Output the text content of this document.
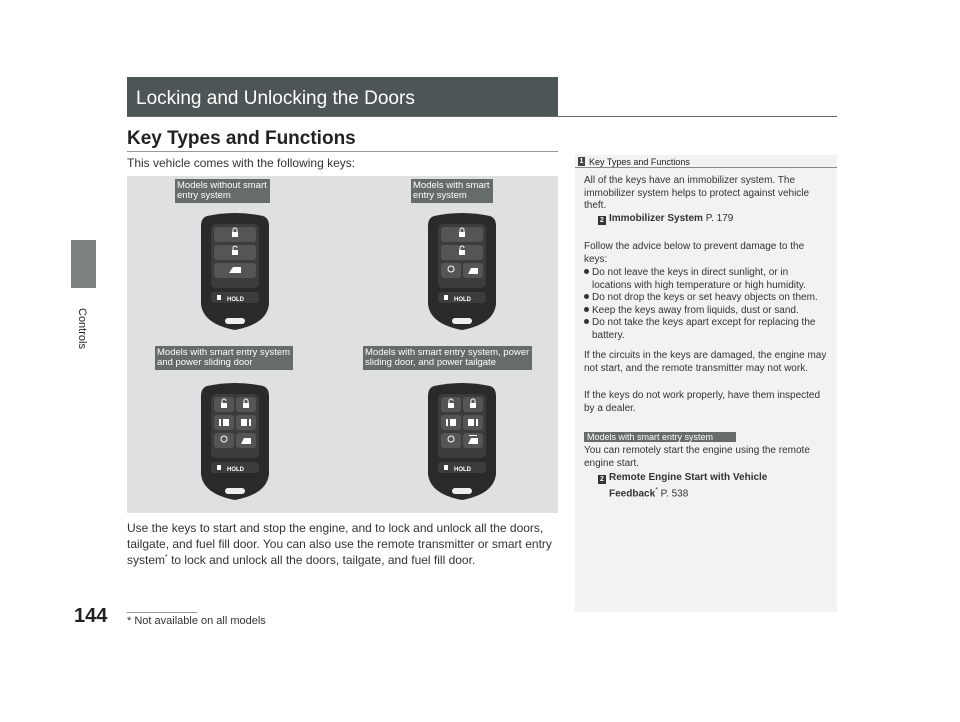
Controls
144
Locking and Unlocking the Doors
Key Types and Functions
This vehicle comes with the following keys:
Models without smart
entry system
Models with smart
entry system
Models with smart entry system
and power sliding door
Models with smart entry system, power
sliding door, and power tailgate
HOLD	HOLD
HOLD	HOLD
Use the keys to start and stop the engine, and to lock and unlock all the doors, tailgate, and fuel fill door. You can also use the remote transmitter or smart entry system* to lock and unlock all the doors, tailgate, and fuel fill door.
* Not available on all models
1 Key Types and Functions
All of the keys have an immobilizer system. The immobilizer system helps to protect against vehicle theft.
2 Immobilizer System P. 179
Follow the advice below to prevent damage to the keys:
Do not leave the keys in direct sunlight, or in locations with high temperature or high humidity.
Do not drop the keys or set heavy objects on them.
Keep the keys away from liquids, dust or sand.
Do not take the keys apart except for replacing the battery.
If the circuits in the keys are damaged, the engine may not start, and the remote transmitter may not work.
If the keys do not work properly, have them inspected by a dealer.
Models with smart entry system
You can remotely start the engine using the remote engine start.
2 Remote Engine Start with Vehicle
Feedback* P. 538
